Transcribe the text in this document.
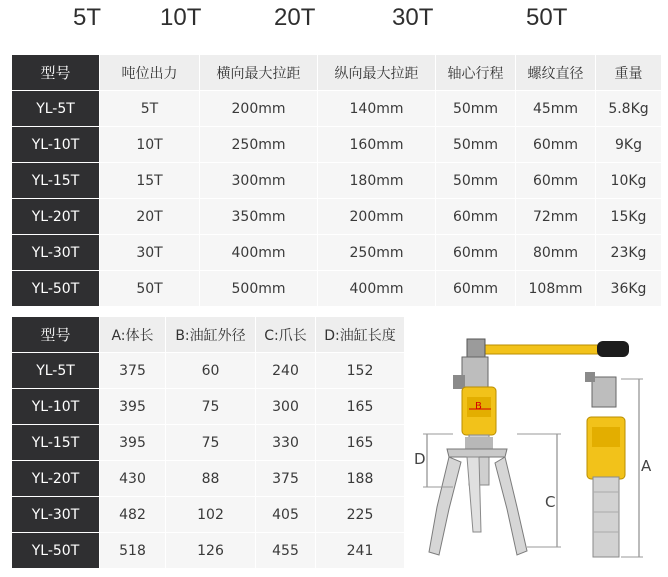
5T 10T	20T	30T	50T
型号	吨位出力	横向最大拉距	纵向最大拉距	轴心行程	螺纹直径	重量
YL-5T	5T	200mm	140mm	50mm	45mm	5.8Kg
YL-10T	10T	250mm	160mm	50mm	60mm	9Kg
YL-15T	15T	300mm	180mm	50mm	60mm	10Kg
YL-20T	20T	350mm	200mm	60mm	72mm	15Kg
YL-30T	30T	400mm	250mm	60mm	80mm	23Kg
YL-50T	50T	500mm	400mm	60mm	108mm	36Kg
型号	A:体长	B:油缸外径	C:爪长	D:油缸长度
YL-5T	375	60	240	152
YL-10T	395	75	300	165
YL-15T	395	75	330	165
YL-20T	430	88	375	188
YL-30T	482	102	405	225
YL-50T	518	126	455	241
D
C
A
B
